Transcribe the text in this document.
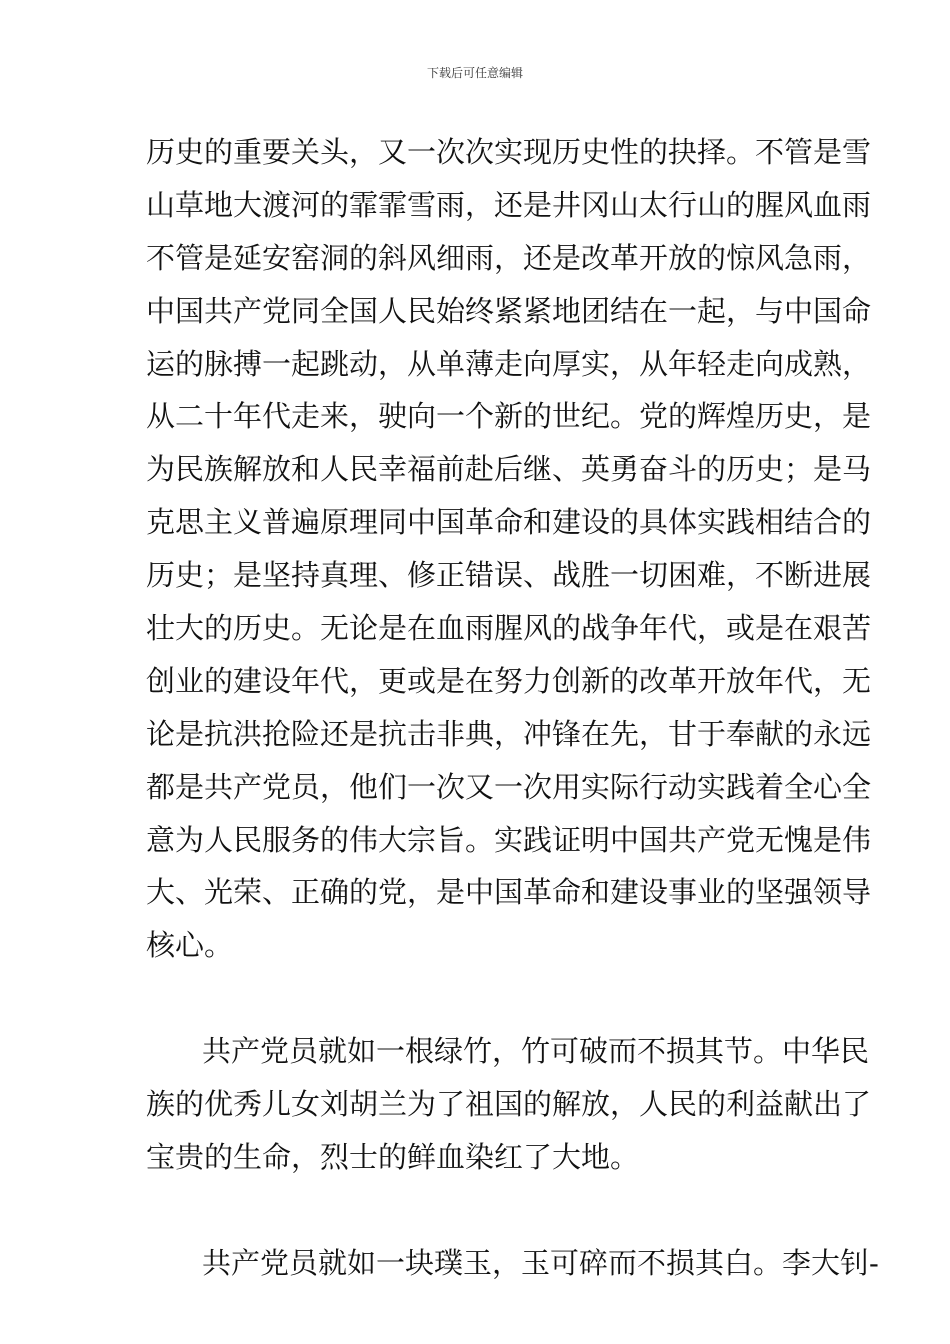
下载后可任意编辑
历史的重要关头，又一次次实现历史性的抉择。不管是雪
山草地大渡河的霏霏雪雨，还是井冈山太行山的腥风血雨
不管是延安窑洞的斜风细雨，还是改革开放的惊风急雨，
中国共产党同全国人民始终紧紧地团结在一起，与中国命
运的脉搏一起跳动，从单薄走向厚实，从年轻走向成熟，
从二十年代走来，驶向一个新的世纪。党的辉煌历史，是
为民族解放和人民幸福前赴后继、英勇奋斗的历史；是马
克思主义普遍原理同中国革命和建设的具体实践相结合的
历史；是坚持真理、修正错误、战胜一切困难，不断进展
壮大的历史。无论是在血雨腥风的战争年代，或是在艰苦
创业的建设年代，更或是在努力创新的改革开放年代，无
论是抗洪抢险还是抗击非典，冲锋在先，甘于奉献的永远
都是共产党员，他们一次又一次用实际行动实践着全心全
意为人民服务的伟大宗旨。实践证明中国共产党无愧是伟
大、光荣、正确的党，是中国革命和建设事业的坚强领导
核心。
共产党员就如一根绿竹，竹可破而不损其节。中华民
族的优秀儿女刘胡兰为了祖国的解放，人民的利益献出了
宝贵的生命，烈士的鲜血染红了大地。
共产党员就如一块璞玉，玉可碎而不损其白。李大钊-
